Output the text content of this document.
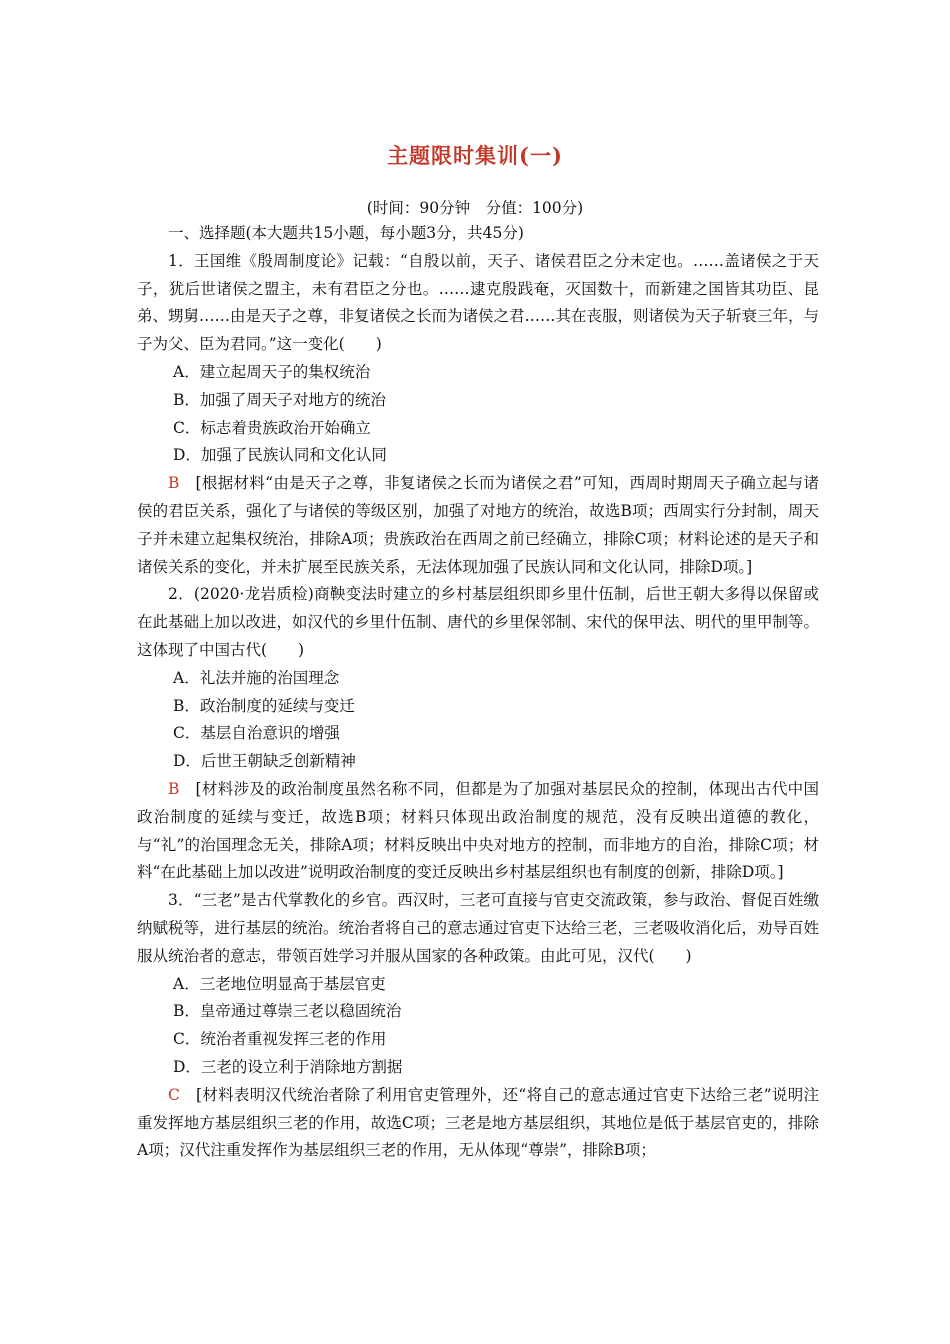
主题限时集训(一)
(时间：90分钟　分值：100分)

一、选择题(本大题共15小题，每小题3分，共45分)

1．王国维《殷周制度论》记载：“自殷以前，天子、诸侯君臣之分未定也。……盖诸侯之于天子，犹后世诸侯之盟主，未有君臣之分也。……逮克殷践奄，灭国数十，而新建之国皆其功臣、昆弟、甥舅……由是天子之尊，非复诸侯之长而为诸侯之君……其在丧服，则诸侯为天子斩衰三年，与子为父、臣为君同。”这一变化(　　)

A．建立起周天子的集权统治

B．加强了周天子对地方的统治

C．标志着贵族政治开始确立

D．加强了民族认同和文化认同

B　[根据材料“由是天子之尊，非复诸侯之长而为诸侯之君”可知，西周时期周天子确立起与诸侯的君臣关系，强化了与诸侯的等级区别，加强了对地方的统治，故选B项；西周实行分封制，周天子并未建立起集权统治，排除A项；贵族政治在西周之前已经确立，排除C项；材料论述的是天子和诸侯关系的变化，并未扩展至民族关系，无法体现加强了民族认同和文化认同，排除D项。]

2．(2020·龙岩质检)商鞅变法时建立的乡村基层组织即乡里什伍制，后世王朝大多得以保留或在此基础上加以改进，如汉代的乡里什伍制、唐代的乡里保邻制、宋代的保甲法、明代的里甲制等。这体现了中国古代(　　)

A．礼法并施的治国理念

B．政治制度的延续与变迁

C．基层自治意识的增强

D．后世王朝缺乏创新精神

B　[材料涉及的政治制度虽然名称不同，但都是为了加强对基层民众的控制，体现出古代中国政治制度的延续与变迁，故选B项；材料只体现出政治制度的规范，没有反映出道德的教化，与“礼”的治国理念无关，排除A项；材料反映出中央对地方的控制，而非地方的自治，排除C项；材料“在此基础上加以改进”说明政治制度的变迁反映出乡村基层组织也有制度的创新，排除D项。]

3．“三老”是古代掌教化的乡官。西汉时，三老可直接与官吏交流政策，参与政治、督促百姓缴纳赋税等，进行基层的统治。统治者将自己的意志通过官吏下达给三老，三老吸收消化后，劝导百姓服从统治者的意志，带领百姓学习并服从国家的各种政策。由此可见，汉代(　　)

A．三老地位明显高于基层官吏

B．皇帝通过尊崇三老以稳固统治

C．统治者重视发挥三老的作用

D．三老的设立利于消除地方割据

C　[材料表明汉代统治者除了利用官吏管理外，还“将自己的意志通过官吏下达给三老”说明注重发挥地方基层组织三老的作用，故选C项；三老是地方基层组织，其地位是低于基层官吏的，排除A项；汉代注重发挥作为基层组织三老的作用，无从体现“尊崇”，排除B项；
